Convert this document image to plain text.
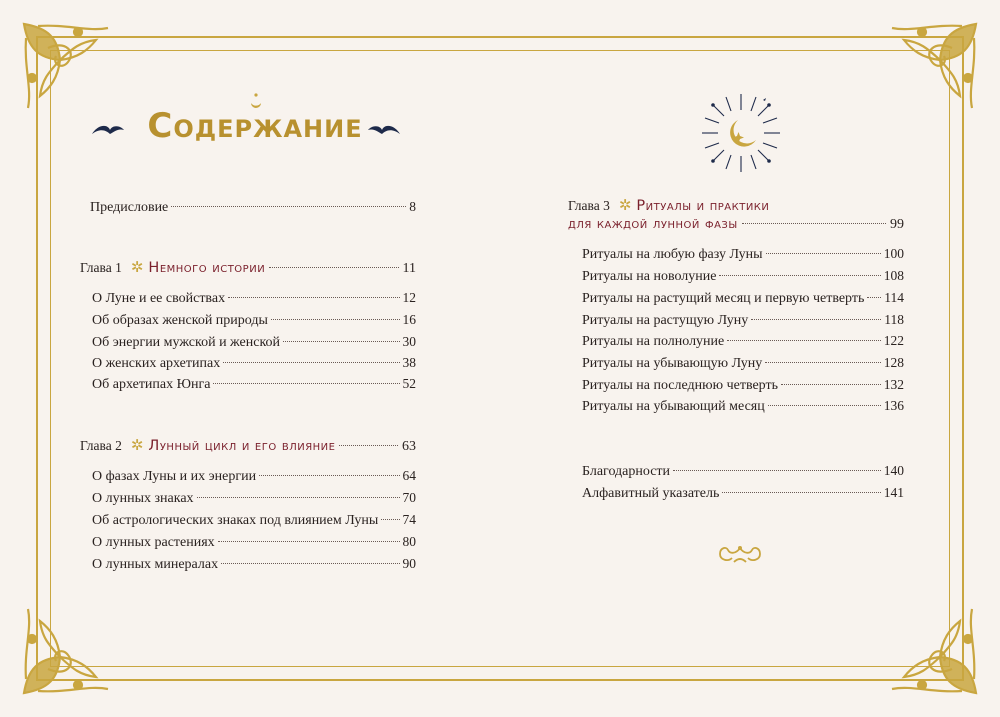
Содержание
Предисловие	8
Глава 1 ✲ Немного истории	11
О Луне и ее свойствах	12
Об образах женской природы	16
Об энергии мужской и женской	30
О женских архетипах	38
Об архетипах Юнга	52
Глава 2 ✲ Лунный цикл и его влияние	63
О фазах Луны и их энергии	64
О лунных знаках	70
Об астрологических знаках под влиянием Луны 74
О лунных растениях	80
О лунных минералах	90
Глава 3 ✲ Ритуалы и практики
для каждой лунной фазы	99
Ритуалы на любую фазу Луны	100
Ритуалы на новолуние	108
Ритуалы на растущий месяц и первую четверть 114
Ритуалы на растущую Луну	118
Ритуалы на полнолуние	122
Ритуалы на убывающую Луну	128
Ритуалы на последнюю четверть	132
Ритуалы на убывающий месяц	136
Благодарности	140
Алфавитный указатель	141
